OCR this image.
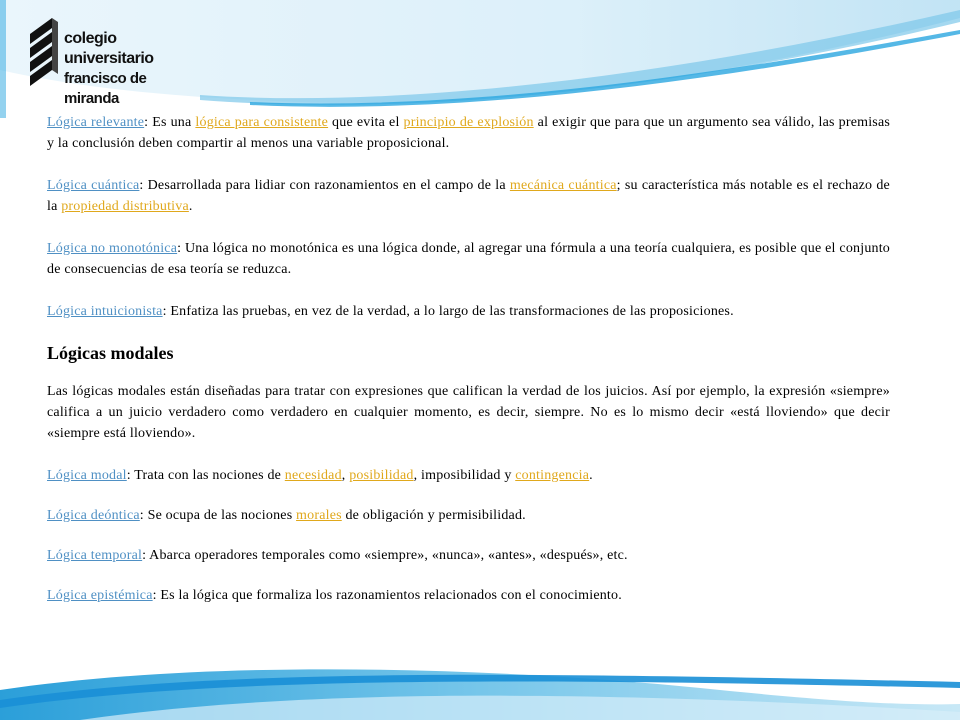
colegio universitario
francisco de miranda

Lógica relevante: Es una lógica para consistente que evita el principio de explosión al exigir que para que un argumento sea válido, las premisas y la conclusión deben compartir al menos una variable proposicional.

Lógica cuántica: Desarrollada para lidiar con razonamientos en el campo de la mecánica cuántica; su característica más notable es el rechazo de la propiedad distributiva.

Lógica no monotónica: Una lógica no monotónica es una lógica donde, al agregar una fórmula a una teoría cualquiera, es posible que el conjunto de consecuencias de esa teoría se reduzca.

Lógica intuicionista: Enfatiza las pruebas, en vez de la verdad, a lo largo de las transformaciones de las proposiciones.

Lógicas modales

Las lógicas modales están diseñadas para tratar con expresiones que califican la verdad de los juicios. Así por ejemplo, la expresión «siempre» califica a un juicio verdadero como verdadero en cualquier momento, es decir, siempre. No es lo mismo decir «está lloviendo» que decir «siempre está lloviendo».

Lógica modal: Trata con las nociones de necesidad, posibilidad, imposibilidad y contingencia.

Lógica deóntica: Se ocupa de las nociones morales de obligación y permisibilidad.

Lógica temporal: Abarca operadores temporales como «siempre», «nunca», «antes», «después», etc.

Lógica epistémica: Es la lógica que formaliza los razonamientos relacionados con el conocimiento.
